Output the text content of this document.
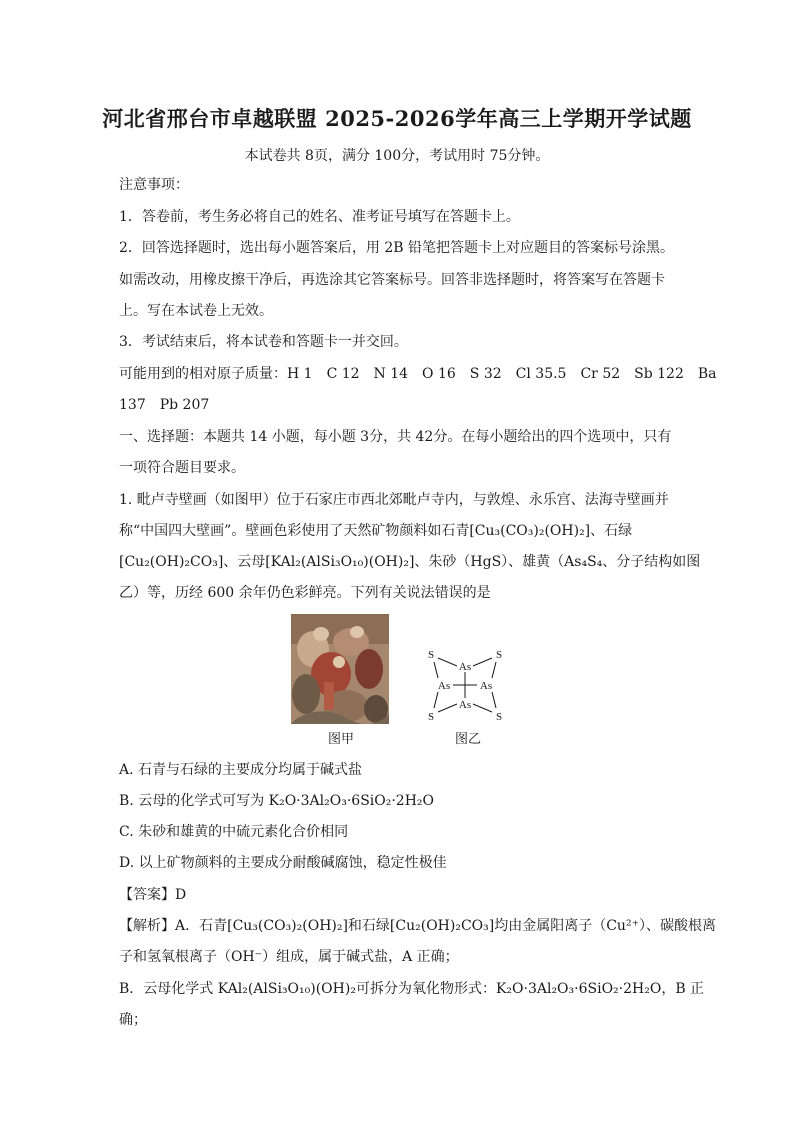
河北省邢台市卓越联盟 2025-2026学年高三上学期开学试题
本试卷共 8页，满分 100分，考试用时 75分钟。
注意事项：
1．答卷前，考生务必将自己的姓名、准考证号填写在答题卡上。
2．回答选择题时，选出每小题答案后，用 2B 铅笔把答题卡上对应题目的答案标号涂黑。
如需改动，用橡皮擦干净后，再选涂其它答案标号。回答非选择题时，将答案写在答题卡
上。写在本试卷上无效。
3．考试结束后，将本试卷和答题卡一并交回。
可能用到的相对原子质量：H 1　C 12　N 14　O 16　S 32　Cl 35.5　Cr 52　Sb 122　Ba
137　Pb 207
一、选择题：本题共 14 小题，每小题 3分，共 42分。在每小题给出的四个选项中，只有
一项符合题目要求。
1. 毗卢寺壁画（如图甲）位于石家庄市西北郊毗卢寺内，与敦煌、永乐宫、法海寺壁画并
称“中国四大壁画”。壁画色彩使用了天然矿物颜料如石青[Cu₃(CO₃)₂(OH)₂]、石绿
[Cu₂(OH)₂CO₃]、云母[KAl₂(AlSi₃O₁₀)(OH)₂]、朱砂（HgS）、雄黄（As₄S₄、分子结构如图
乙）等，历经 600 余年仍色彩鲜亮。下列有关说法错误的是
图甲
S	S
S	S
As
As
As	As
图乙
A. 石青与石绿的主要成分均属于碱式盐
B. 云母的化学式可写为 K₂O·3Al₂O₃·6SiO₂·2H₂O
C. 朱砂和雄黄的中硫元素化合价相同
D. 以上矿物颜料的主要成分耐酸碱腐蚀，稳定性极佳
【答案】D
【解析】A．石青[Cu₃(CO₃)₂(OH)₂]和石绿[Cu₂(OH)₂CO₃]均由金属阳离子（Cu²⁺）、碳酸根离
子和氢氧根离子（OH⁻）组成，属于碱式盐，A 正确；
B．云母化学式 KAl₂(AlSi₃O₁₀)(OH)₂可拆分为氧化物形式：K₂O·3Al₂O₃·6SiO₂·2H₂O，B 正
确；
